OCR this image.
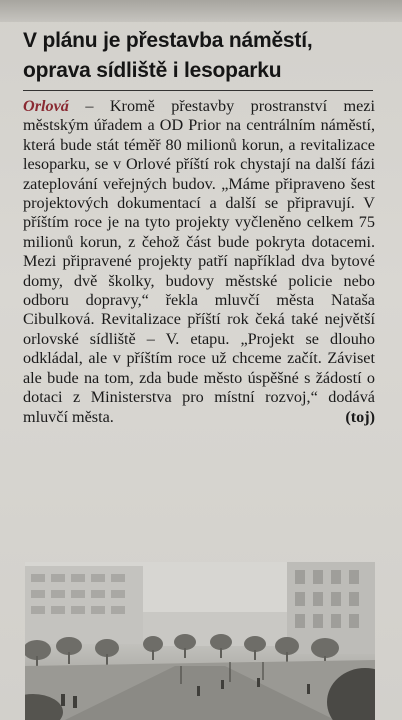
V plánu je přestavba náměstí,
oprava sídliště i lesoparku

Orlová – Kromě přestavby prostranství mezi městským úřadem a OD Prior na centrálním náměstí, která bude stát téměř 80 milionů korun, a revitalizace lesoparku, se v Orlové příští rok chystají na další fázi zateplování veřejných budov. „Máme připraveno šest projektových dokumentací a další se připravují. V příštím roce je na tyto projekty vyčleněno celkem 75 milionů korun, z čehož část bude pokryta dotacemi. Mezi připravené projekty patří například dva bytové domy, dvě školky, budovy městské policie nebo odboru dopravy,“ řekla mluvčí města Nataša Cibulková. Revitalizace příští rok čeká také největší orlovské sídliště – V. etapu. „Projekt se dlouho odkládal, ale v příštím roce už chceme začít. Záviset ale bude na tom, zda bude město úspěšné s žádostí o dotaci z Ministerstva pro místní rozvoj,“ dodává mluvčí města.	(toj)
